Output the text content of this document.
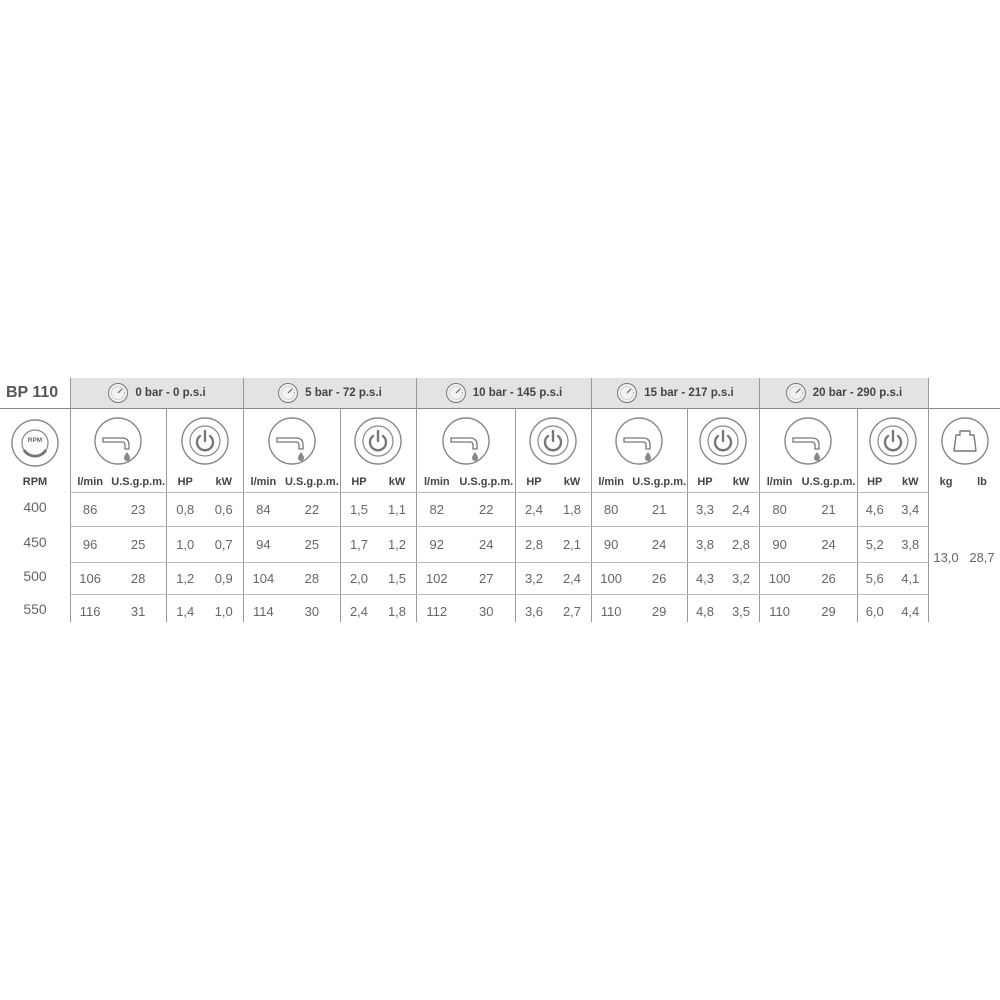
BP 110	0 bar - 0 p.s.i	5 bar - 72 p.s.i	10 bar - 145 p.s.i	15 bar - 217 p.s.i	20 bar - 290 p.s.i
RPM
RPM	l/min U.S.g.p.m.	HP	kW	l/min U.S.g.p.m.	HP	kW	l/min U.S.g.p.m.	HP	kW	l/min U.S.g.p.m.	HP	kW	l/min U.S.g.p.m.	HP	kW	kg	lb
400	86	23	0,8	0,6	84	22	1,5	1,1	82	22	2,4	1,8	80	21	3,3	2,4	80	21	4,6	3,4
450	96	25	1,0	0,7	94	25	1,7	1,2	92	24	2,8	2,1	90	24	3,8	2,8	90	24	5,2	3,8
500	106	28	1,2	0,9	104	28	2,0	1,5	102	27	3,2	2,4	100	26	4,3	3,2	100	26	5,6	4,1
550	116	31	1,4	1,0	114	30	2,4	1,8	112	30	3,6	2,7	110	29	4,8	3,5	110	29	6,0	4,4
13,0 28,7
